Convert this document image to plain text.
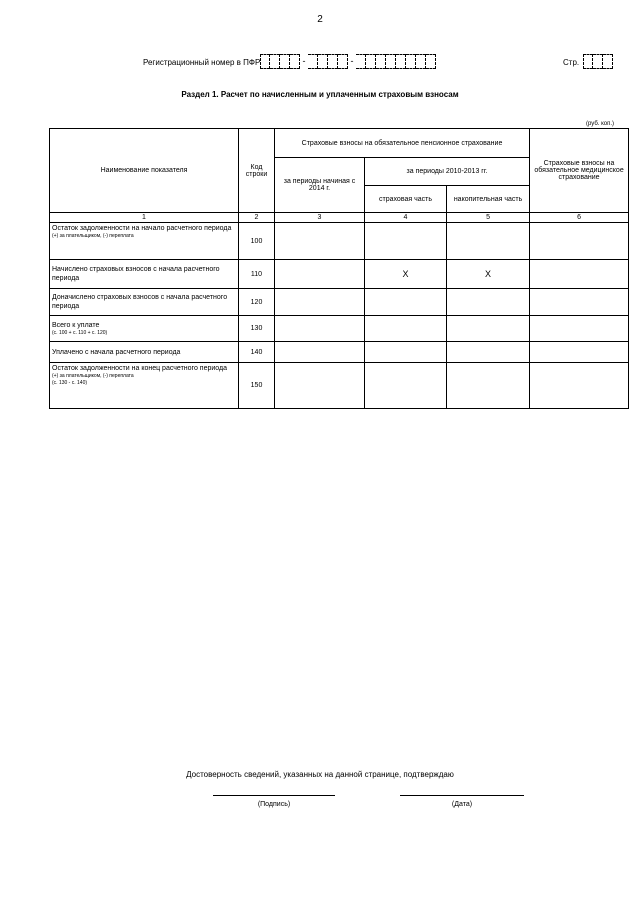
2
Регистрационный номер в ПФР	-	-	Стр.
Раздел 1. Расчет по начисленным и уплаченным страховым взносам
(руб. коп.)
Наименование показателя	Код строки	Страховые взносы на обязательное пенсионное страхование			Страховые взносы на обязательное медицинское страхование
		за периоды начиная с 2014 г.	за периоды 2010-2013 гг.		
			страховая часть	накопительная часть	
1	2	3	4	5	6

Остаток задолженности на начало расчетного периода
(+) за плательщиком, (-) переплата	100				

Начислено страховых взносов с начала расчетного периода	110		X	X	

Доначислено страховых взносов с начала расчетного периода	120				

Всего к уплате
(с. 100 + с. 110 + с. 120)	130				

Уплачено с начала расчетного периода	140				

Остаток задолженности на конец расчетного периода
(+) за плательщиком, (-) переплата
(с. 130 - с. 140)	150				
Достоверность сведений, указанных на данной странице, подтверждаю
(Подпись)	(Дата)
